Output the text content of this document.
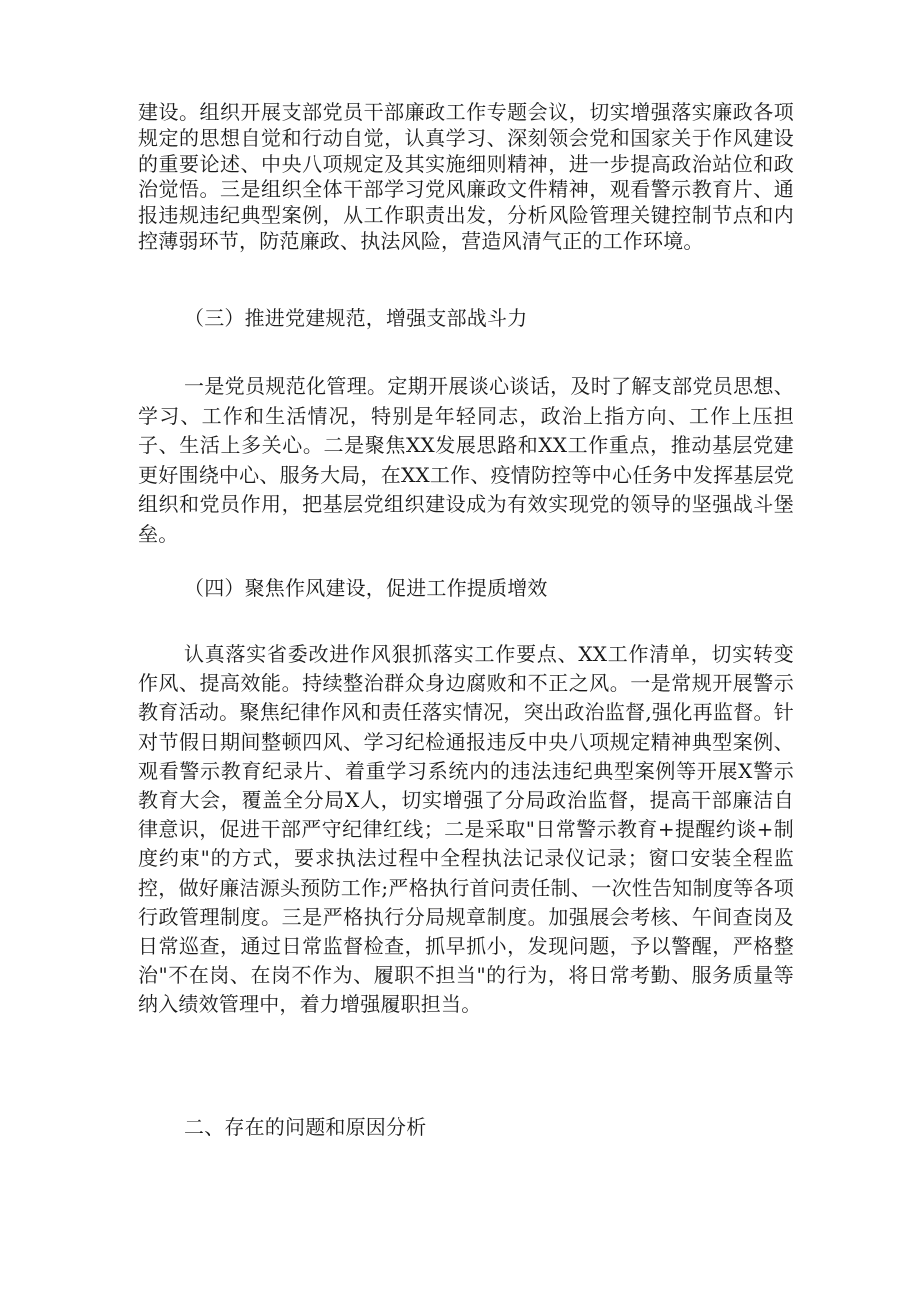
建设。组织开展支部党员干部廉政工作专题会议，切实增强落实廉政各项规定的思想自觉和行动自觉，认真学习、深刻领会党和国家关于作风建设的重要论述、中央八项规定及其实施细则精神，进一步提高政治站位和政治觉悟。三是组织全体干部学习党风廉政文件精神，观看警示教育片、通报违规违纪典型案例，从工作职责出发，分析风险管理关键控制节点和内控薄弱环节，防范廉政、执法风险，营造风清气正的工作环境。

（三）推进党建规范，增强支部战斗力

一是党员规范化管理。定期开展谈心谈话，及时了解支部党员思想、学习、工作和生活情况，特别是年轻同志，政治上指方向、工作上压担子、生活上多关心。二是聚焦XX发展思路和XX工作重点，推动基层党建更好围绕中心、服务大局，在XX工作、疫情防控等中心任务中发挥基层党组织和党员作用，把基层党组织建设成为有效实现党的领导的坚强战斗堡垒。

（四）聚焦作风建设，促进工作提质增效

认真落实省委改进作风狠抓落实工作要点、XX工作清单，切实转变作风、提高效能。持续整治群众身边腐败和不正之风。一是常规开展警示教育活动。聚焦纪律作风和责任落实情况，突出政治监督,强化再监督。针对节假日期间整顿四风、学习纪检通报违反中央八项规定精神典型案例、观看警示教育纪录片、着重学习系统内的违法违纪典型案例等开展X警示教育大会，覆盖全分局X人，切实增强了分局政治监督，提高干部廉洁自律意识，促进干部严守纪律红线；二是采取"日常警示教育+提醒约谈+制度约束"的方式，要求执法过程中全程执法记录仪记录；窗口安装全程监控，做好廉洁源头预防工作;严格执行首问责任制、一次性告知制度等各项行政管理制度。三是严格执行分局规章制度。加强展会考核、午间查岗及日常巡查，通过日常监督检查，抓早抓小，发现问题，予以警醒，严格整治"不在岗、在岗不作为、履职不担当"的行为，将日常考勤、服务质量等纳入绩效管理中，着力增强履职担当。

二、存在的问题和原因分析
